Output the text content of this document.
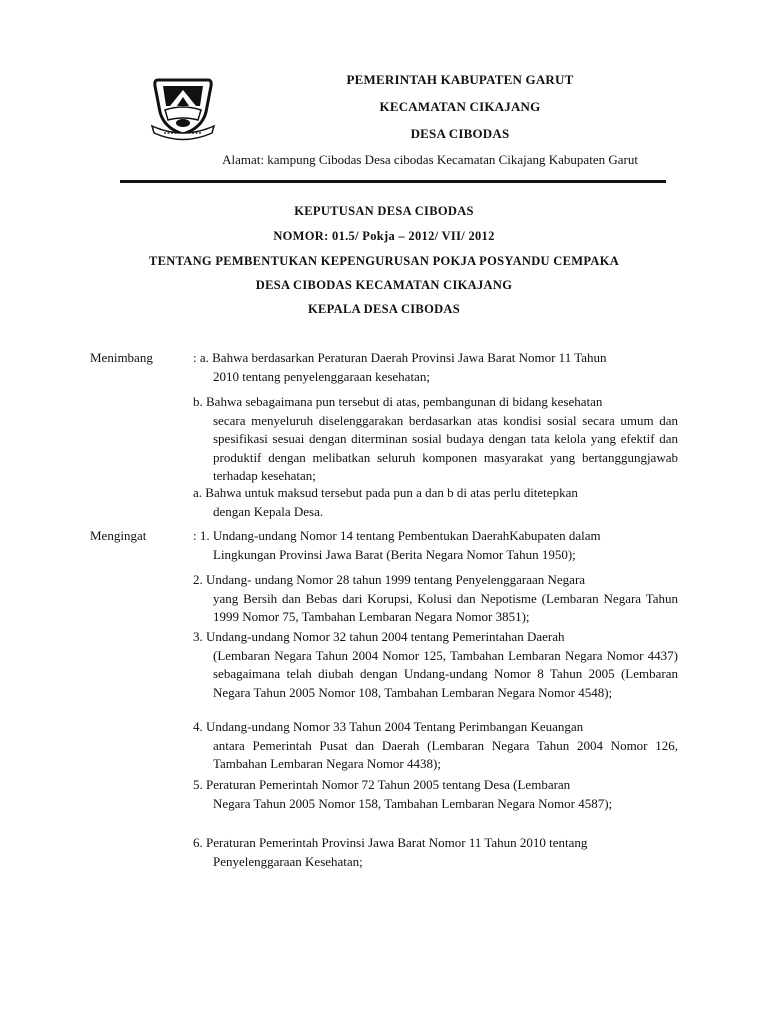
PEMERINTAH KABUPATEN GARUT
KECAMATAN CIKAJANG
DESA CIBODAS
Alamat: kampung Cibodas Desa cibodas Kecamatan Cikajang Kabupaten Garut
KEPUTUSAN DESA CIBODAS
NOMOR: 01.5/ Pokja – 2012/ VII/ 2012
TENTANG PEMBENTUKAN KEPENGURUSAN POKJA POSYANDU CEMPAKA
DESA CIBODAS KECAMATAN CIKAJANG
KEPALA DESA CIBODAS
Menimbang	: a. Bahwa berdasarkan Peraturan Daerah Provinsi Jawa Barat Nomor 11 Tahun
2010 tentang penyelenggaraan kesehatan;
b. Bahwa sebagaimana pun tersebut di atas, pembangunan di bidang kesehatan
secara menyeluruh diselenggarakan berdasarkan atas kondisi sosial secara umum dan spesifikasi sesuai dengan diterminan sosial budaya dengan tata kelola yang efektif dan produktif dengan melibatkan seluruh komponen masyarakat yang bertanggungjawab terhadap kesehatan;
a. Bahwa untuk maksud tersebut pada pun a dan b di atas perlu ditetepkan
dengan Kepala Desa.
Mengingat	: 1. Undang-undang Nomor 14 tentang Pembentukan DaerahKabupaten dalam
Lingkungan Provinsi Jawa Barat (Berita Negara Nomor Tahun 1950);
2. Undang- undang Nomor 28 tahun 1999 tentang Penyelenggaraan Negara
yang Bersih dan Bebas dari Korupsi, Kolusi dan Nepotisme (Lembaran Negara Tahun 1999 Nomor 75, Tambahan Lembaran Negara Nomor 3851);
3. Undang-undang Nomor 32 tahun 2004 tentang Pemerintahan Daerah
(Lembaran Negara Tahun 2004 Nomor 125, Tambahan Lembaran Negara Nomor 4437) sebagaimana telah diubah dengan Undang-undang Nomor 8 Tahun 2005 (Lembaran Negara Tahun 2005 Nomor 108, Tambahan Lembaran Negara Nomor 4548);
4. Undang-undang Nomor 33 Tahun 2004 Tentang Perimbangan Keuangan
antara Pemerintah Pusat dan Daerah (Lembaran Negara Tahun 2004 Nomor 126, Tambahan Lembaran Negara Nomor 4438);
5. Peraturan Pemerintah Nomor 72 Tahun 2005 tentang Desa (Lembaran
Negara Tahun 2005 Nomor 158, Tambahan Lembaran Negara Nomor 4587);
6. Peraturan Pemerintah Provinsi Jawa Barat Nomor 11 Tahun 2010 tentang
Penyelenggaraan Kesehatan;
